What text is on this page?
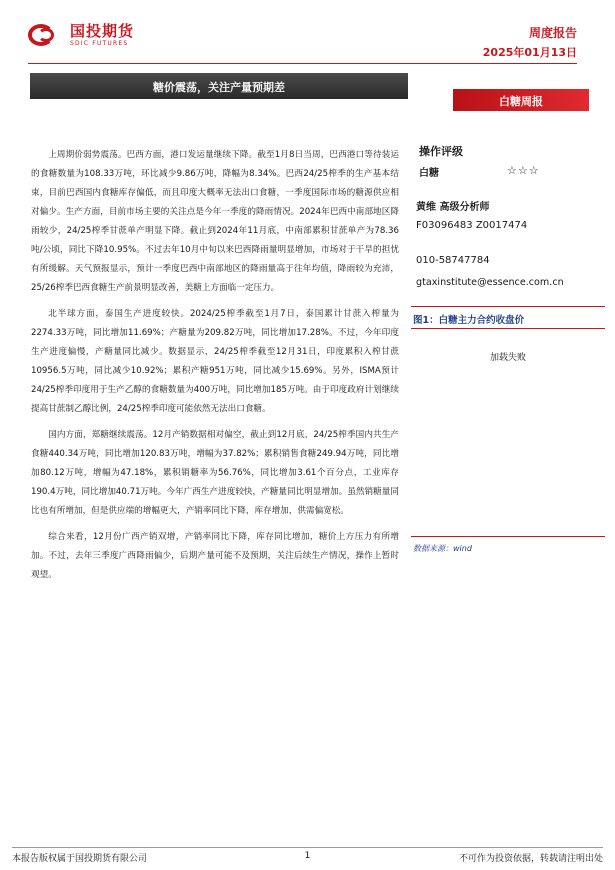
国投期货
SDIC FUTURES
周度报告
2025年01月13日
糖价震荡，关注产量预期差
白糖周报

上周期价弱势震荡。巴西方面，港口发运量继续下降。截至1月8日当周，巴西港口等待装运的食糖数量为108.33万吨，环比减少9.86万吨，降幅为8.34%。巴西24/25榨季的生产基本结束，目前巴西国内食糖库存偏低，而且印度大概率无法出口食糖，一季度国际市场的糖源供应相对偏少。生产方面，目前市场主要的关注点是今年一季度的降雨情况。2024年巴西中南部地区降雨较少，24/25榨季甘蔗单产明显下降。截止到2024年11月底，中南部累积甘蔗单产为78.36吨/公顷，同比下降10.95%。不过去年10月中旬以来巴西降雨量明显增加，市场对于干旱的担忧有所缓解。天气预报显示，预计一季度巴西中南部地区的降雨量高于往年均值，降雨较为充沛，25/26榨季巴西食糖生产前景明显改善，美糖上方面临一定压力。

北半球方面，泰国生产进度较快。2024/25榨季截至1月7日，泰国累计甘蔗入榨量为2274.33万吨，同比增加11.69%；产糖量为209.82万吨，同比增加17.28%。不过，今年印度生产进度偏慢，产糖量同比减少。数据显示，24/25榨季截至12月31日，印度累积入榨甘蔗10956.5万吨，同比减少10.92%；累积产糖951万吨，同比减少15.69%。另外，ISMA预计24/25榨季印度用于生产乙醇的食糖数量为400万吨，同比增加185万吨。由于印度政府计划继续提高甘蔗制乙醇比例，24/25榨季印度可能依然无法出口食糖。

国内方面，郑糖继续震荡。12月产销数据相对偏空，截止到12月底，24/25榨季国内共生产食糖440.34万吨，同比增加120.83万吨，增幅为37.82%；累积销售食糖249.94万吨，同比增加80.12万吨，增幅为47.18%，累积销糖率为56.76%，同比增加3.61个百分点，工业库存190.4万吨，同比增加40.71万吨。今年广西生产进度较快，产糖量同比明显增加。虽然销糖量同比也有所增加，但是供应端的增幅更大，产销率同比下降，库存增加，供需偏宽松。

综合来看，12月份广西产销双增，产销率同比下降，库存同比增加，糖价上方压力有所增加。不过，去年三季度广西降雨偏少，后期产量可能不及预期，关注后续生产情况，操作上暂时观望。

操作评级
白糖	☆☆☆
黄维 高级分析师
F03096483 Z0017474
010-58747784
gtaxinstitute@essence.com.cn
图1：白糖主力合约收盘价
加载失败
数据来源：wind
本报告版权属于国投期货有限公司	1	不可作为投资依据，转载请注明出处
